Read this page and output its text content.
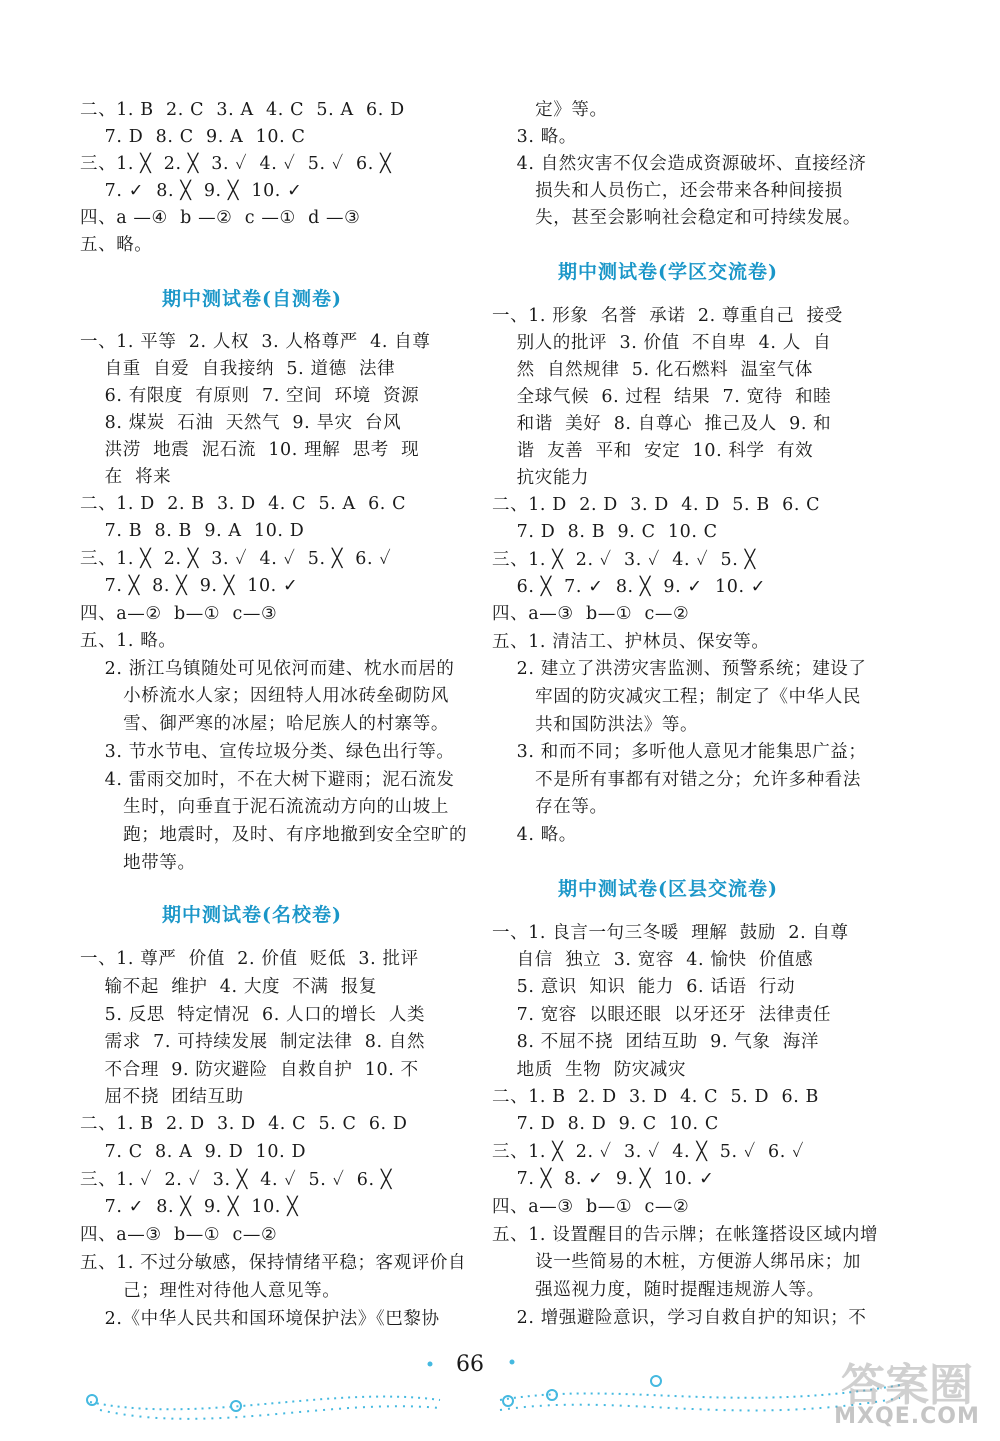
二、1. B  2. C  3. A  4. C  5. A  6. D
7. D  8. C  9. A  10. C
三、1. ╳  2. ╳  3. ✓  4. ✓  5. ✓  6. ╳
7. ✓  8. ╳  9. ╳  10. ✓
四、a —④  b —②  c —①  d —③
五、略。
期中测试卷(自测卷)
一、1. 平等  2. 人权  3. 人格尊严  4. 自尊
自重  自爱  自我接纳  5. 道德  法律
6. 有限度  有原则  7. 空间  环境  资源
8. 煤炭  石油  天然气  9. 旱灾  台风
洪涝  地震  泥石流  10. 理解  思考  现
在  将来
二、1. D  2. B  3. D  4. C  5. A  6. C
7. B  8. B  9. A  10. D
三、1. ╳  2. ╳  3. ✓  4. ✓  5. ╳  6. ✓
7. ╳  8. ╳  9. ╳  10. ✓
四、a—②  b—①  c—③
五、1. 略。
2. 浙江乌镇随处可见依河而建、枕水而居的
小桥流水人家；因纽特人用冰砖垒砌防风
雪、御严寒的冰屋；哈尼族人的村寨等。
3. 节水节电、宣传垃圾分类、绿色出行等。
4. 雷雨交加时，不在大树下避雨；泥石流发
生时，向垂直于泥石流流动方向的山坡上
跑；地震时，及时、有序地撤到安全空旷的
地带等。
期中测试卷(名校卷)
一、1. 尊严  价值  2. 价值  贬低  3. 批评
输不起  维护  4. 大度  不满  报复
5. 反思  特定情况  6. 人口的增长  人类
需求  7. 可持续发展  制定法律  8. 自然
不合理  9. 防灾避险  自救自护  10. 不
屈不挠  团结互助
二、1. B  2. D  3. D  4. C  5. C  6. D
7. C  8. A  9. D  10. D
三、1. ✓  2. ✓  3. ╳  4. ✓  5. ✓  6. ╳
7. ✓  8. ╳  9. ╳  10. ╳
四、a—③  b—①  c—②
五、1. 不过分敏感，保持情绪平稳；客观评价自
己；理性对待他人意见等。
2.《中华人民共和国环境保护法》《巴黎协
定》等。
3. 略。
4. 自然灾害不仅会造成资源破坏、直接经济
损失和人员伤亡，还会带来各种间接损
失，甚至会影响社会稳定和可持续发展。
期中测试卷(学区交流卷)
一、1. 形象  名誉  承诺  2. 尊重自己  接受
别人的批评  3. 价值  不自卑  4. 人  自
然  自然规律  5. 化石燃料  温室气体
全球气候  6. 过程  结果  7. 宽待  和睦
和谐  美好  8. 自尊心  推己及人  9. 和
谐  友善  平和  安定  10. 科学  有效
抗灾能力
二、1. D  2. D  3. D  4. D  5. B  6. C
7. D  8. B  9. C  10. C
三、1. ╳  2. ✓  3. ✓  4. ✓  5. ╳
6. ╳  7. ✓  8. ╳  9. ✓  10. ✓
四、a—③  b—①  c—②
五、1. 清洁工、护林员、保安等。
2. 建立了洪涝灾害监测、预警系统；建设了
牢固的防灾减灾工程；制定了《中华人民
共和国防洪法》等。
3. 和而不同；多听他人意见才能集思广益；
不是所有事都有对错之分；允许多种看法
存在等。
4. 略。
期中测试卷(区县交流卷)
一、1. 良言一句三冬暖  理解  鼓励  2. 自尊
自信  独立  3. 宽容  4. 愉快  价值感
5. 意识  知识  能力  6. 话语  行动
7. 宽容  以眼还眼  以牙还牙  法律责任
8. 不屈不挠  团结互助  9. 气象  海洋
地质  生物  防灾减灾
二、1. B  2. D  3. D  4. C  5. D  6. B
7. D  8. D  9. C  10. C
三、1. ╳  2. ✓  3. ✓  4. ╳  5. ✓  6. ✓
7. ╳  8. ✓  9. ╳  10. ✓
四、a—③  b—①  c—②
五、1. 设置醒目的告示牌；在帐篷搭设区域内增
设一些简易的木桩，方便游人绑吊床；加
强巡视力度，随时提醒违规游人等。
2. 增强避险意识，学习自救自护的知识；不
66	答案圈
MXQE.COM
